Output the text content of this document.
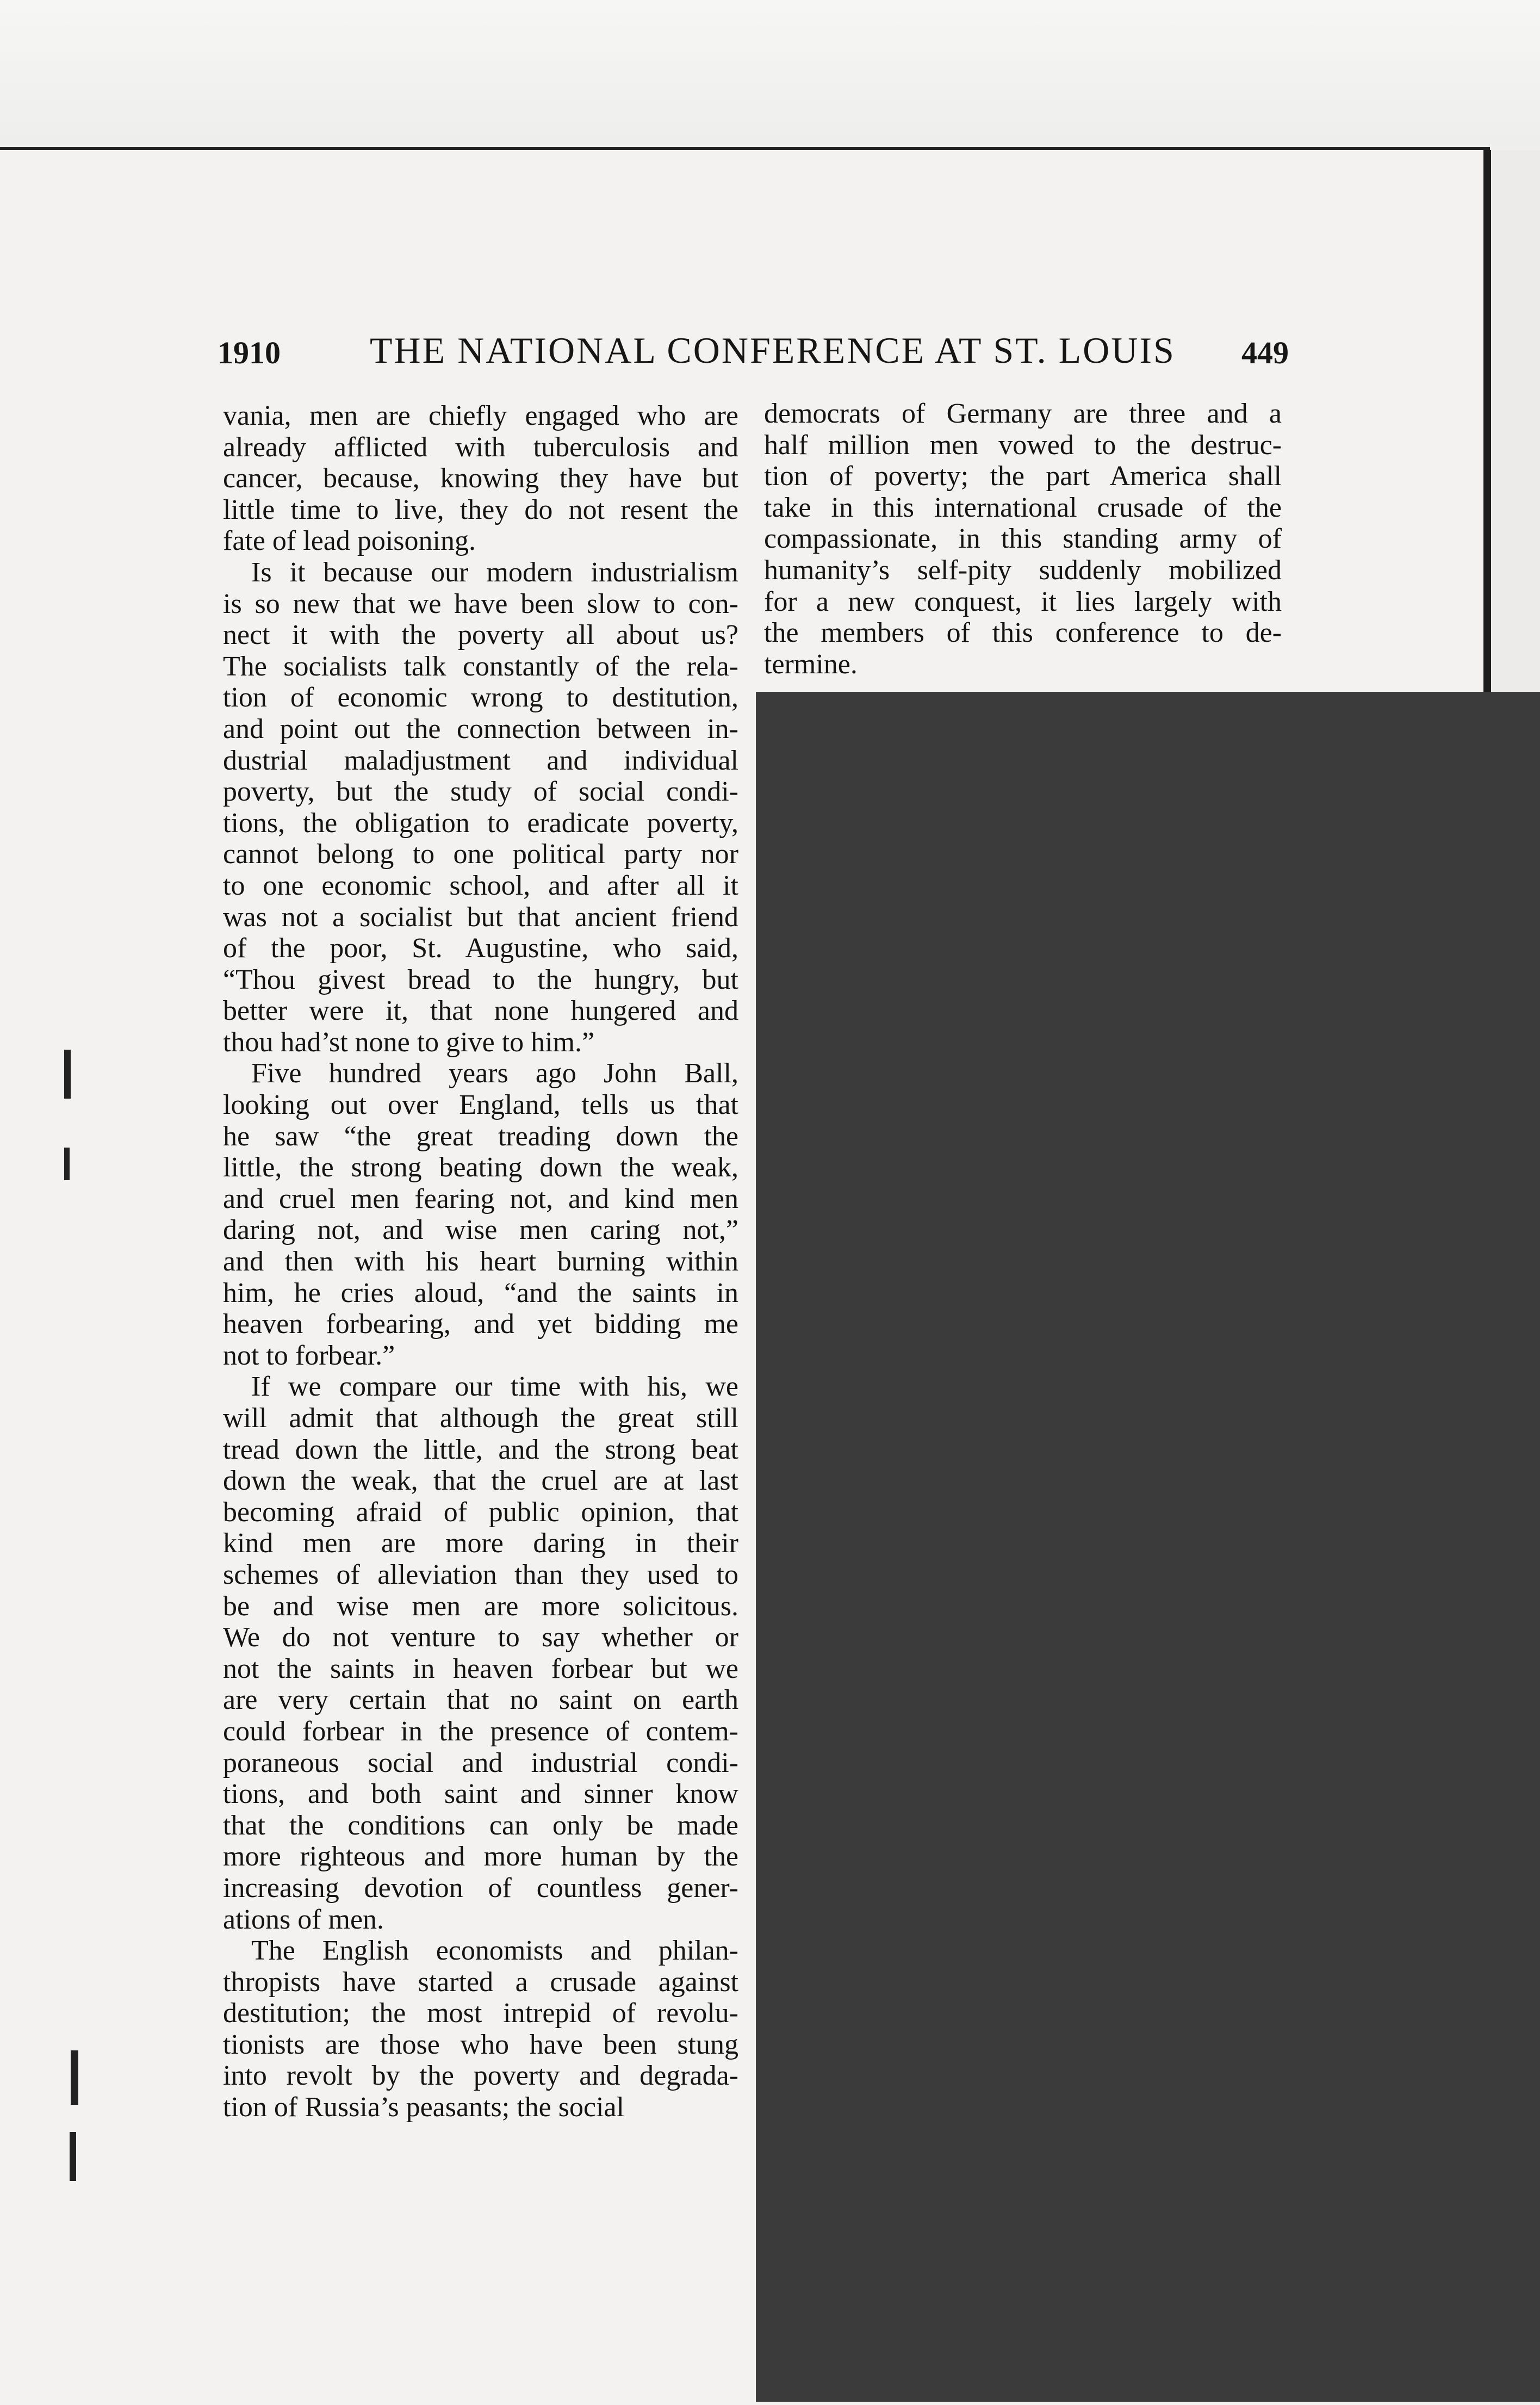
1910 THE NATIONAL CONFERENCE AT ST. LOUIS 449

vania, men are chiefly engaged who are
already afflicted with tuberculosis and
cancer, because, knowing they have but
little time to live, they do not resent the
fate of lead poisoning.

Is it because our modern industrialism
is so new that we have been slow to con-
nect it with the poverty all about us?
The socialists talk constantly of the rela-
tion of economic wrong to destitution,
and point out the connection between in-
dustrial maladjustment and individual
poverty, but the study of social condi-
tions, the obligation to eradicate poverty,
cannot belong to one political party nor
to one economic school, and after all it
was not a socialist but that ancient friend
of the poor, St. Augustine, who said,
“Thou givest bread to the hungry, but
better were it, that none hungered and
thou had’st none to give to him.”

Five hundred years ago John Ball,
looking out over England, tells us that
he saw “the great treading down the
little, the strong beating down the weak,
and cruel men fearing not, and kind men
daring not, and wise men caring not,”
and then with his heart burning within
him, he cries aloud, “and the saints in
heaven forbearing, and yet bidding me
not to forbear.”

If we compare our time with his, we
will admit that although the great still
tread down the little, and the strong beat
down the weak, that the cruel are at last
becoming afraid of public opinion, that
kind men are more daring in their
schemes of alleviation than they used to
be and wise men are more solicitous.
We do not venture to say whether or
not the saints in heaven forbear but we
are very certain that no saint on earth
could forbear in the presence of contem-
poraneous social and industrial condi-
tions, and both saint and sinner know
that the conditions can only be made
more righteous and more human by the
increasing devotion of countless gener-
ations of men.

The English economists and philan-
thropists have started a crusade against
destitution; the most intrepid of revolu-
tionists are those who have been stung
into revolt by the poverty and degrada-
tion of Russia’s peasants; the social

democrats of Germany are three and a
half million men vowed to the destruc-
tion of poverty; the part America shall
take in this international crusade of the
compassionate, in this standing army of
humanity’s self-pity suddenly mobilized
for a new conquest, it lies largely with
the members of this conference to de-
termine.
